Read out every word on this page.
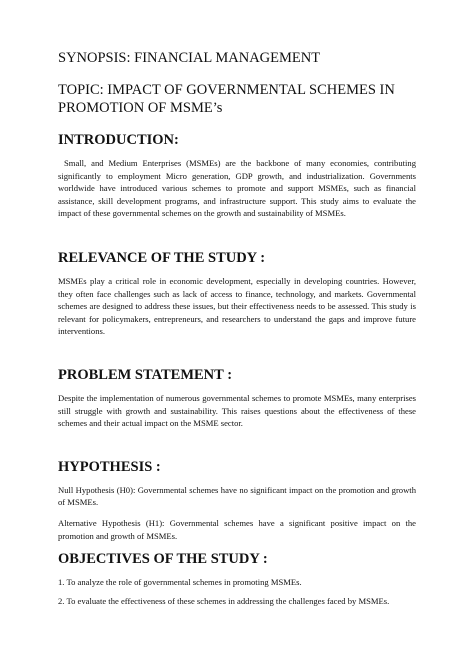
SYNOPSIS: FINANCIAL MANAGEMENT
TOPIC: IMPACT OF GOVERNMENTAL SCHEMES IN PROMOTION OF MSME’s
INTRODUCTION:

Small, and Medium Enterprises (MSMEs) are the backbone of many economies, contributing significantly to employment Micro generation, GDP growth, and industrialization. Governments worldwide have introduced various schemes to promote and support MSMEs, such as financial assistance, skill development programs, and infrastructure support. This study aims to evaluate the impact of these governmental schemes on the growth and sustainability of MSMEs.

RELEVANCE OF THE STUDY :

MSMEs play a critical role in economic development, especially in developing countries. However, they often face challenges such as lack of access to finance, technology, and markets. Governmental schemes are designed to address these issues, but their effectiveness needs to be assessed. This study is relevant for policymakers, entrepreneurs, and researchers to understand the gaps and improve future interventions.

PROBLEM STATEMENT :

Despite the implementation of numerous governmental schemes to promote MSMEs, many enterprises still struggle with growth and sustainability. This raises questions about the effectiveness of these schemes and their actual impact on the MSME sector.

HYPOTHESIS :

Null Hypothesis (H0): Governmental schemes have no significant impact on the promotion and growth of MSMEs.

Alternative Hypothesis (H1): Governmental schemes have a significant positive impact on the promotion and growth of MSMEs.

OBJECTIVES OF THE STUDY :

1. To analyze the role of governmental schemes in promoting MSMEs.

2. To evaluate the effectiveness of these schemes in addressing the challenges faced by MSMEs.
